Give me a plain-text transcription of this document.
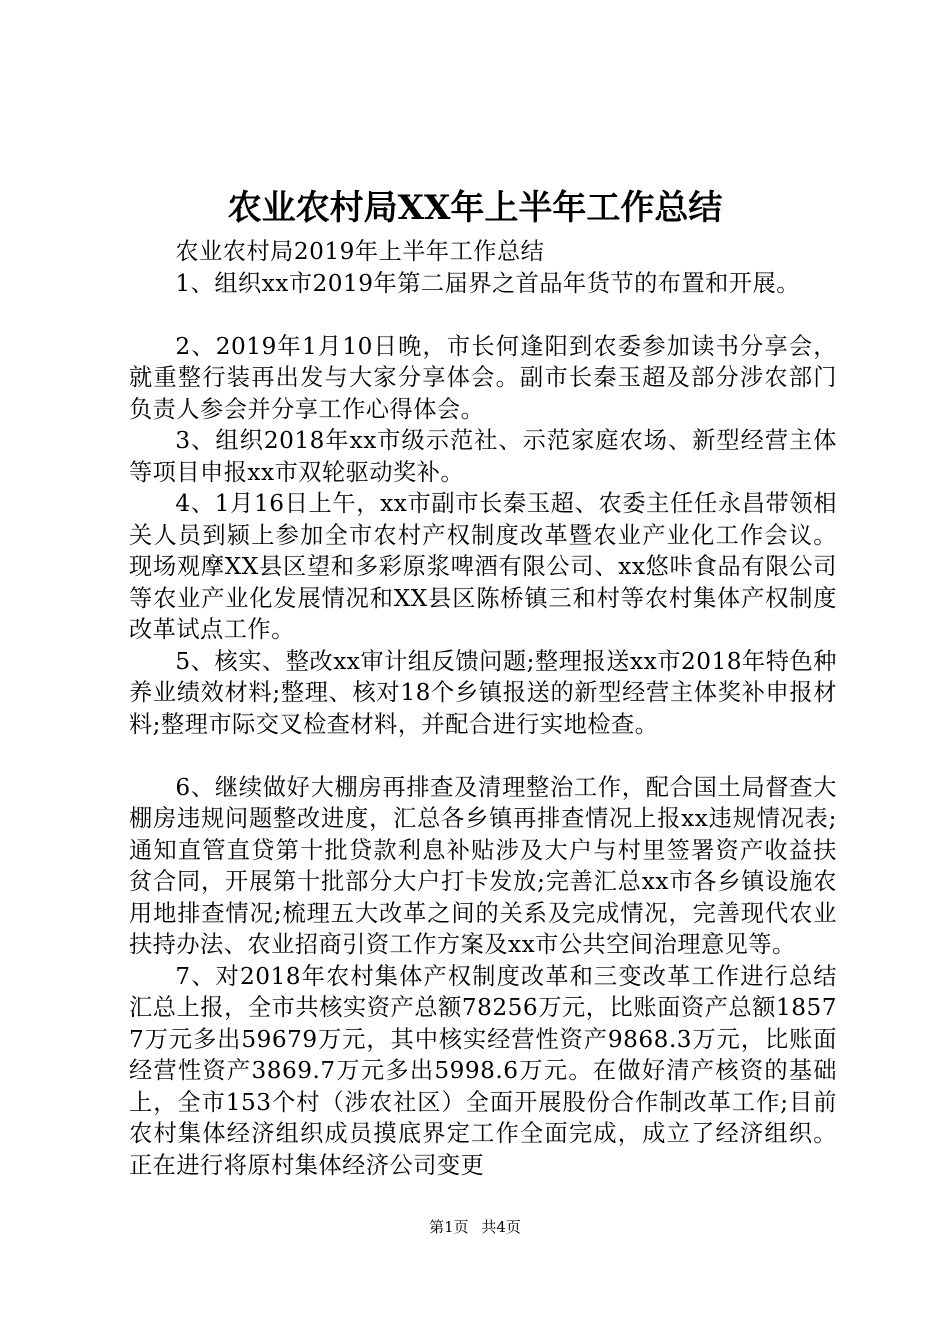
农业农村局XX年上半年工作总结

农业农村局2019年上半年工作总结

1、组织xx市2019年第二届界之首品年货节的布置和开展。

2、2019年1月10日晚，市长何逢阳到农委参加读书分享会，就重整行装再出发与大家分享体会。副市长秦玉超及部分涉农部门负责人参会并分享工作心得体会。

3、组织2018年xx市级示范社、示范家庭农场、新型经营主体等项目申报xx市双轮驱动奖补。

4、1月16日上午，xx市副市长秦玉超、农委主任任永昌带领相关人员到颍上参加全市农村产权制度改革暨农业产业化工作会议。现场观摩XX县区望和多彩原浆啤酒有限公司、xx悠咔食品有限公司等农业产业化发展情况和XX县区陈桥镇三和村等农村集体产权制度改革试点工作。

5、核实、整改xx审计组反馈问题;整理报送xx市2018年特色种养业绩效材料;整理、核对18个乡镇报送的新型经营主体奖补申报材料;整理市际交叉检查材料，并配合进行实地检查。

6、继续做好大棚房再排查及清理整治工作，配合国土局督查大棚房违规问题整改进度，汇总各乡镇再排查情况上报xx违规情况表;通知直管直贷第十批贷款利息补贴涉及大户与村里签署资产收益扶贫合同，开展第十批部分大户打卡发放;完善汇总xx市各乡镇设施农用地排查情况;梳理五大改革之间的关系及完成情况，完善现代农业扶持办法、农业招商引资工作方案及xx市公共空间治理意见等。

7、对2018年农村集体产权制度改革和三变改革工作进行总结汇总上报，全市共核实资产总额78256万元，比账面资产总额18577万元多出59679万元，其中核实经营性资产9868.3万元，比账面经营性资产3869.7万元多出5998.6万元。在做好清产核资的基础上，全市153个村（涉农社区）全面开展股份合作制改革工作;目前农村集体经济组织成员摸底界定工作全面完成，成立了经济组织。正在进行将原村集体经济公司变更

第1页 共4页
